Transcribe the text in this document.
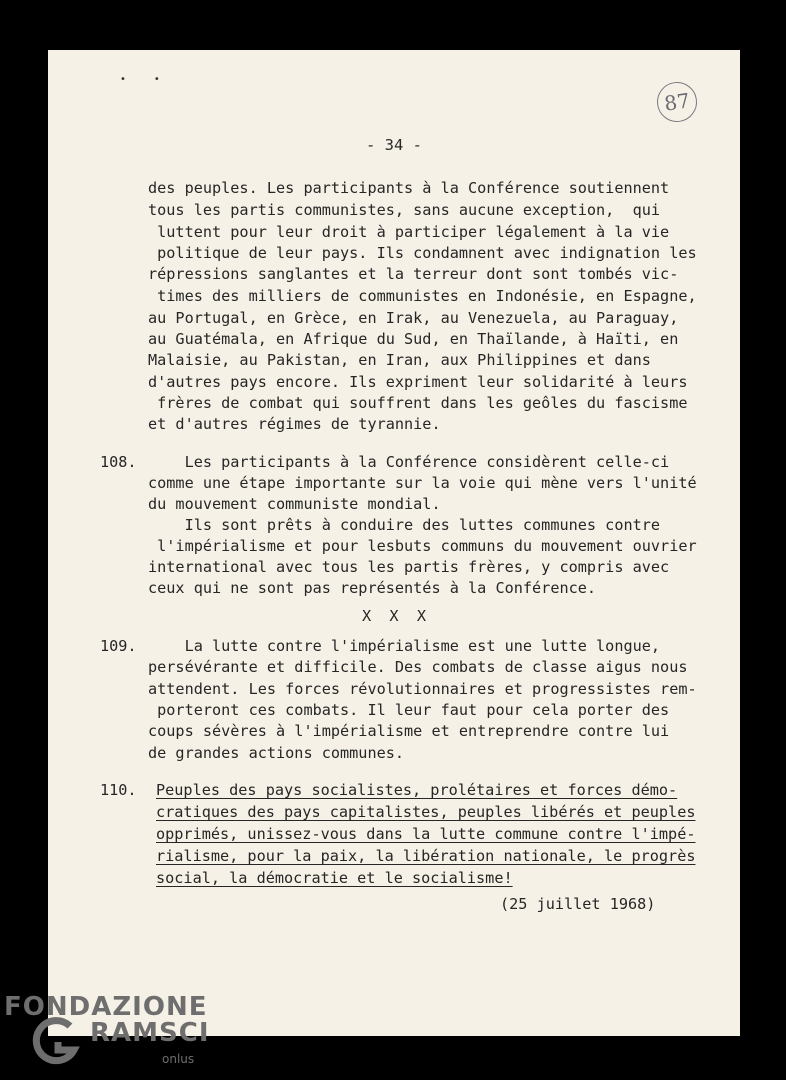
••
87
- 34 -
des peuples. Les participants à la Conférence soutiennent
tous les partis communistes, sans aucune exception,  qui
luttent pour leur droit à participer légalement à la vie
politique de leur pays. Ils condamnent avec indignation les
répressions sanglantes et la terreur dont sont tombés vic-
times des milliers de communistes en Indonésie, en Espagne,
au Portugal, en Grèce, en Irak, au Venezuela, au Paraguay,
au Guatémala, en Afrique du Sud, en Thaïlande, à Haïti, en
Malaisie, au Pakistan, en Iran, aux Philippines et dans
d'autres pays encore. Ils expriment leur solidarité à leurs
frères de combat qui souffrent dans les geôles du fascisme
et d'autres régimes de tyrannie.
108. Les participants à la Conférence considèrent celle-ci
comme une étape importante sur la voie qui mène vers l'unité
du mouvement communiste mondial.
Ils sont prêts à conduire des luttes communes contre
l'impérialisme et pour lesbuts communs du mouvement ouvrier
international avec tous les partis frères, y compris avec
ceux qui ne sont pas représentés à la Conférence.
X  X  X
109. La lutte contre l'impérialisme est une lutte longue,
persévérante et difficile. Des combats de classe aigus nous
attendent. Les forces révolutionnaires et progressistes rem-
porteront ces combats. Il leur faut pour cela porter des
coups sévères à l'impérialisme et entreprendre contre lui
de grandes actions communes.
110. Peuples des pays socialistes, prolétaires et forces démo-
cratiques des pays capitalistes, peuples libérés et peuples
opprimés, unissez-vous dans la lutte commune contre l'impé-
rialisme, pour la paix, la libération nationale, le progrès
social, la démocratie et le socialisme!
(25 juillet 1968)
FONDAZIONE
RAMSCI
onlus
